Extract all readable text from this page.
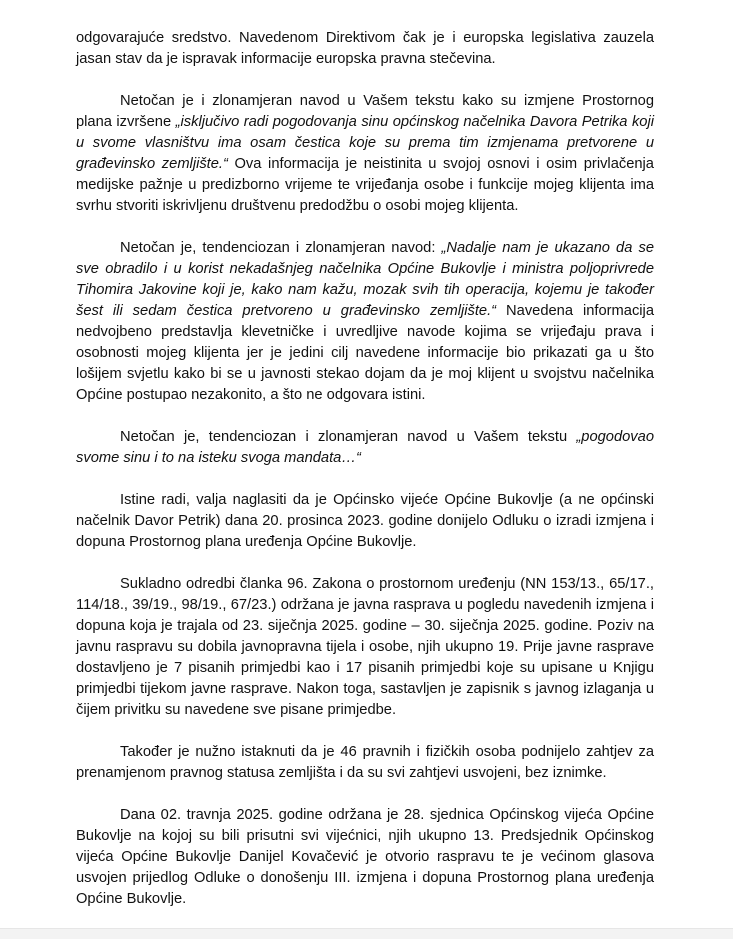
odgovarajuće sredstvo. Navedenom Direktivom čak je i europska legislativa zauzela jasan stav da je ispravak informacije europska pravna stečevina.

Netočan je i zlonamjeran navod u Vašem tekstu kako su izmjene Prostornog plana izvršene „isključivo radi pogodovanja sinu općinskog načelnika Davora Petrika koji u svome vlasništvu ima osam čestica koje su prema tim izmjenama pretvorene u građevinsko zemljište.“ Ova informacija je neistinita u svojoj osnovi i osim privlačenja medijske pažnje u predizborno vrijeme te vrijeđanja osobe i funkcije mojeg klijenta ima svrhu stvoriti iskrivljenu društvenu predodžbu o osobi mojeg klijenta.

Netočan je, tendenciozan i zlonamjeran navod: „Nadalje nam je ukazano da se sve obradilo i u korist nekadašnjeg načelnika Općine Bukovlje i ministra poljoprivrede Tihomira Jakovine koji je, kako nam kažu, mozak svih tih operacija, kojemu je također šest ili sedam čestica pretvoreno u građevinsko zemljište.“ Navedena informacija nedvojbeno predstavlja klevetničke i uvredljive navode kojima se vrijeđaju prava i osobnosti mojeg klijenta jer je jedini cilj navedene informacije bio prikazati ga u što lošijem svjetlu kako bi se u javnosti stekao dojam da je moj klijent u svojstvu načelnika Općine postupao nezakonito, a što ne odgovara istini.

Netočan je, tendenciozan i zlonamjeran navod u Vašem tekstu „pogodovao svome sinu i to na isteku svoga mandata…“

Istine radi, valja naglasiti da je Općinsko vijeće Općine Bukovlje (a ne općinski načelnik Davor Petrik) dana 20. prosinca 2023. godine donijelo Odluku o izradi izmjena i dopuna Prostornog plana uređenja Općine Bukovlje.

Sukladno odredbi članka 96. Zakona o prostornom uređenju (NN 153/13., 65/17., 114/18., 39/19., 98/19., 67/23.) održana je javna rasprava u pogledu navedenih izmjena i dopuna koja je trajala od 23. siječnja 2025. godine – 30. siječnja 2025. godine. Poziv na javnu raspravu su dobila javnopravna tijela i osobe, njih ukupno 19. Prije javne rasprave dostavljeno je 7 pisanih primjedbi kao i 17 pisanih primjedbi koje su upisane u Knjigu primjedbi tijekom javne rasprave. Nakon toga, sastavljen je zapisnik s javnog izlaganja u čijem privitku su navedene sve pisane primjedbe.

Također je nužno istaknuti da je 46 pravnih i fizičkih osoba podnijelo zahtjev za prenamjenom pravnog statusa zemljišta i da su svi zahtjevi usvojeni, bez iznimke.

Dana 02. travnja 2025. godine održana je 28. sjednica Općinskog vijeća Općine Bukovlje na kojoj su bili prisutni svi vijećnici, njih ukupno 13. Predsjednik Općinskog vijeća Općine Bukovlje Danijel Kovačević je otvorio raspravu te je većinom glasova usvojen prijedlog Odluke o donošenju III. izmjena i dopuna Prostornog plana uređenja Općine Bukovlje.
